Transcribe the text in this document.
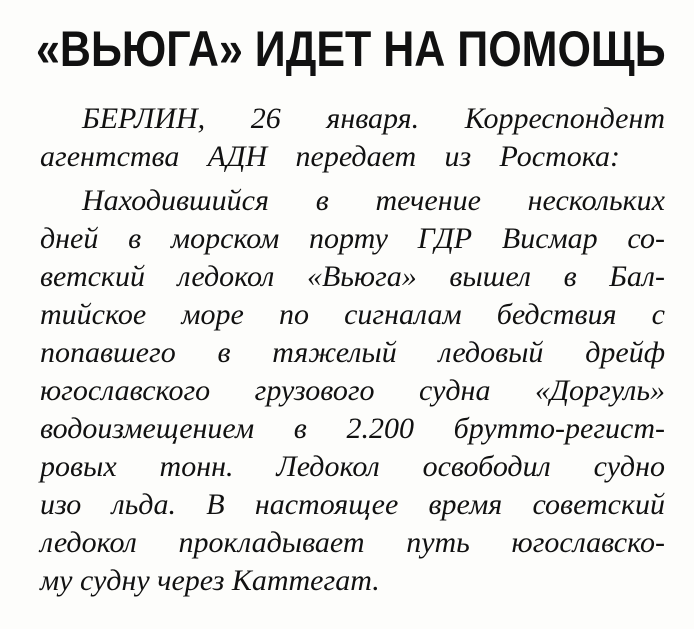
«ВЬЮГА» ИДЕТ НА ПОМОЩЬ
БЕРЛИН, 26 января. Корреспондент
агентства АДН передает из Ростока:
Находившийся в течение нескольких
дней в морском порту ГДР Висмар со-
ветский ледокол «Вьюга» вышел в Бал-
тийское море по сигналам бедствия с
попавшего в тяжелый ледовый дрейф
югославского грузового судна «Доргуль»
водоизмещением в 2.200 брутто-регист-
ровых тонн. Ледокол освободил судно
изо льда. В настоящее время советский
ледокол прокладывает путь югославско-
му судну через Каттегат.
